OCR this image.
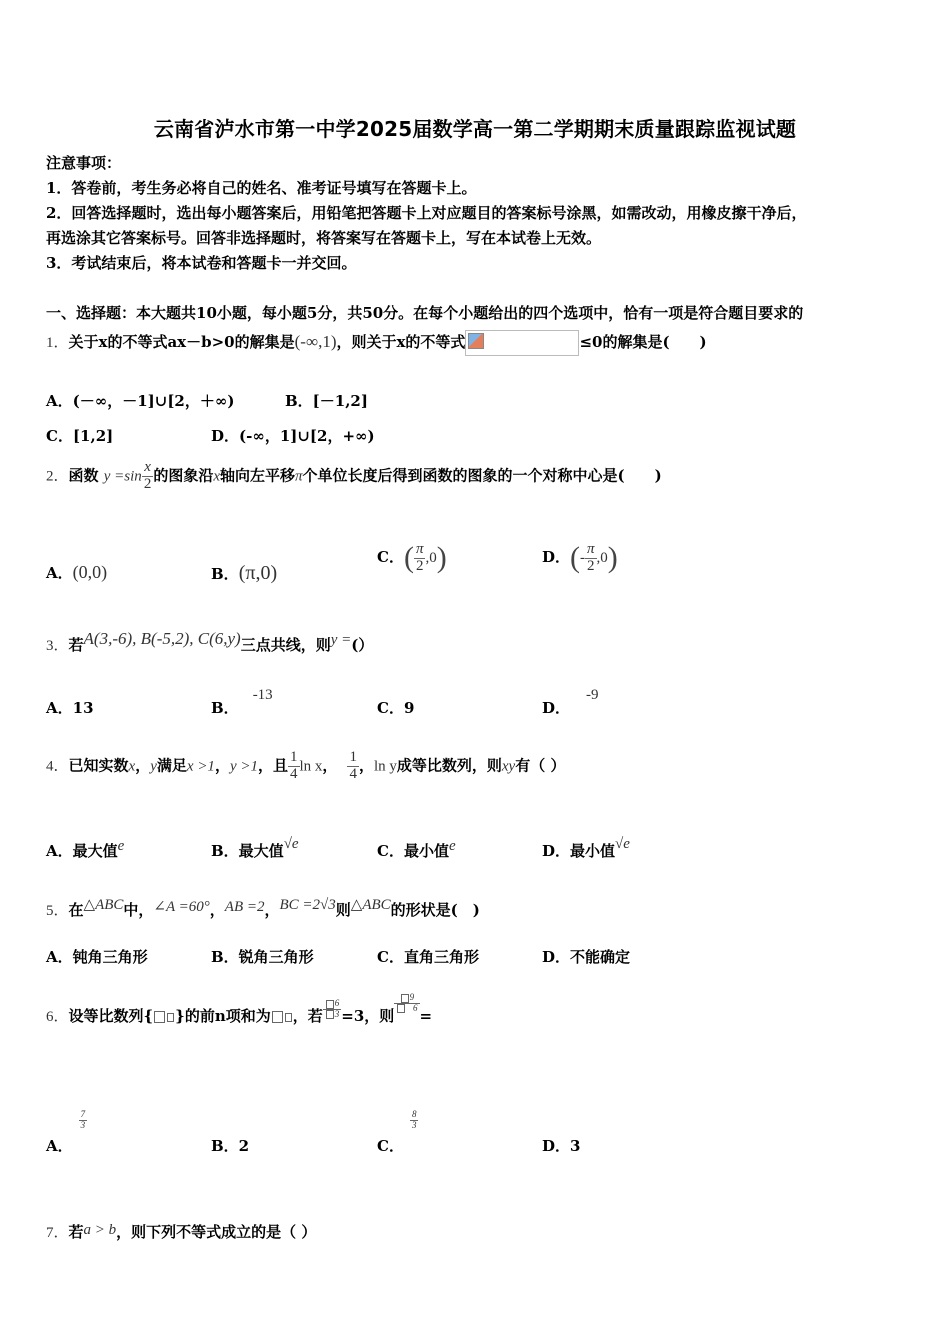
云南省泸水市第一中学2025届数学高一第二学期期末质量跟踪监视试题
注意事项：
1．答卷前，考生务必将自己的姓名、准考证号填写在答题卡上。
2．回答选择题时，选出每小题答案后，用铅笔把答题卡上对应题目的答案标号涂黑，如需改动，用橡皮擦干净后，
再选涂其它答案标号。回答非选择题时，将答案写在答题卡上，写在本试卷上无效。
3．考试结束后，将本试卷和答题卡一并交回。
一、选择题：本大题共10小题，每小题5分，共50分。在每个小题给出的四个选项中，恰有一项是符合题目要求的
1．关于x的不等式ax－b>0的解集是(-∞,1)，则关于x的不等式	≤0的解集是(　　)
A．(－∞，－1]∪[2，＋∞)	B．[－1,2]
C．[1,2]	D．(-∞，1]∪[2，+∞)
2．函数 $y =\sin \frac{x}{2}$ 的图象沿x轴向左平移π个单位长度后得到函数的图象的一个对称中心是(　　)
A．(0,0)	B．(π,0)
C．( $\frac{\pi}{2} ,0$)	D．(- $\frac{\pi}{2} ,0$)
3．若A(3,-6), B(-5,2), C(6,y)三点共线，则y =(）
A．13	B．-13
C．9	D．-9
4．已知实数x，y满足x >1，y >1，且 $\frac{1}{4}$ ln x， $\frac{1}{4}$ ，ln y成等比数列，则xy有（ ）
A．最大值e	B．最大值√e	C．最小值e	D．最小值√e
5．在△ABC中，∠A =60°，AB =2，BC =2√3则△ABC的形状是(　)
A．钝角三角形	B．锐角三角形	C．直角三角形	D．不能确定
6．设等比数列{ }的前n项和为 ，若 $\frac{6}{3} =3$，则
$\frac{9}{6}$
=
A．
$\frac{7}{3}$
B．2	C．
$\frac{8}{3}$
D．3
7．若a > b，则下列不等式成立的是（ ）
